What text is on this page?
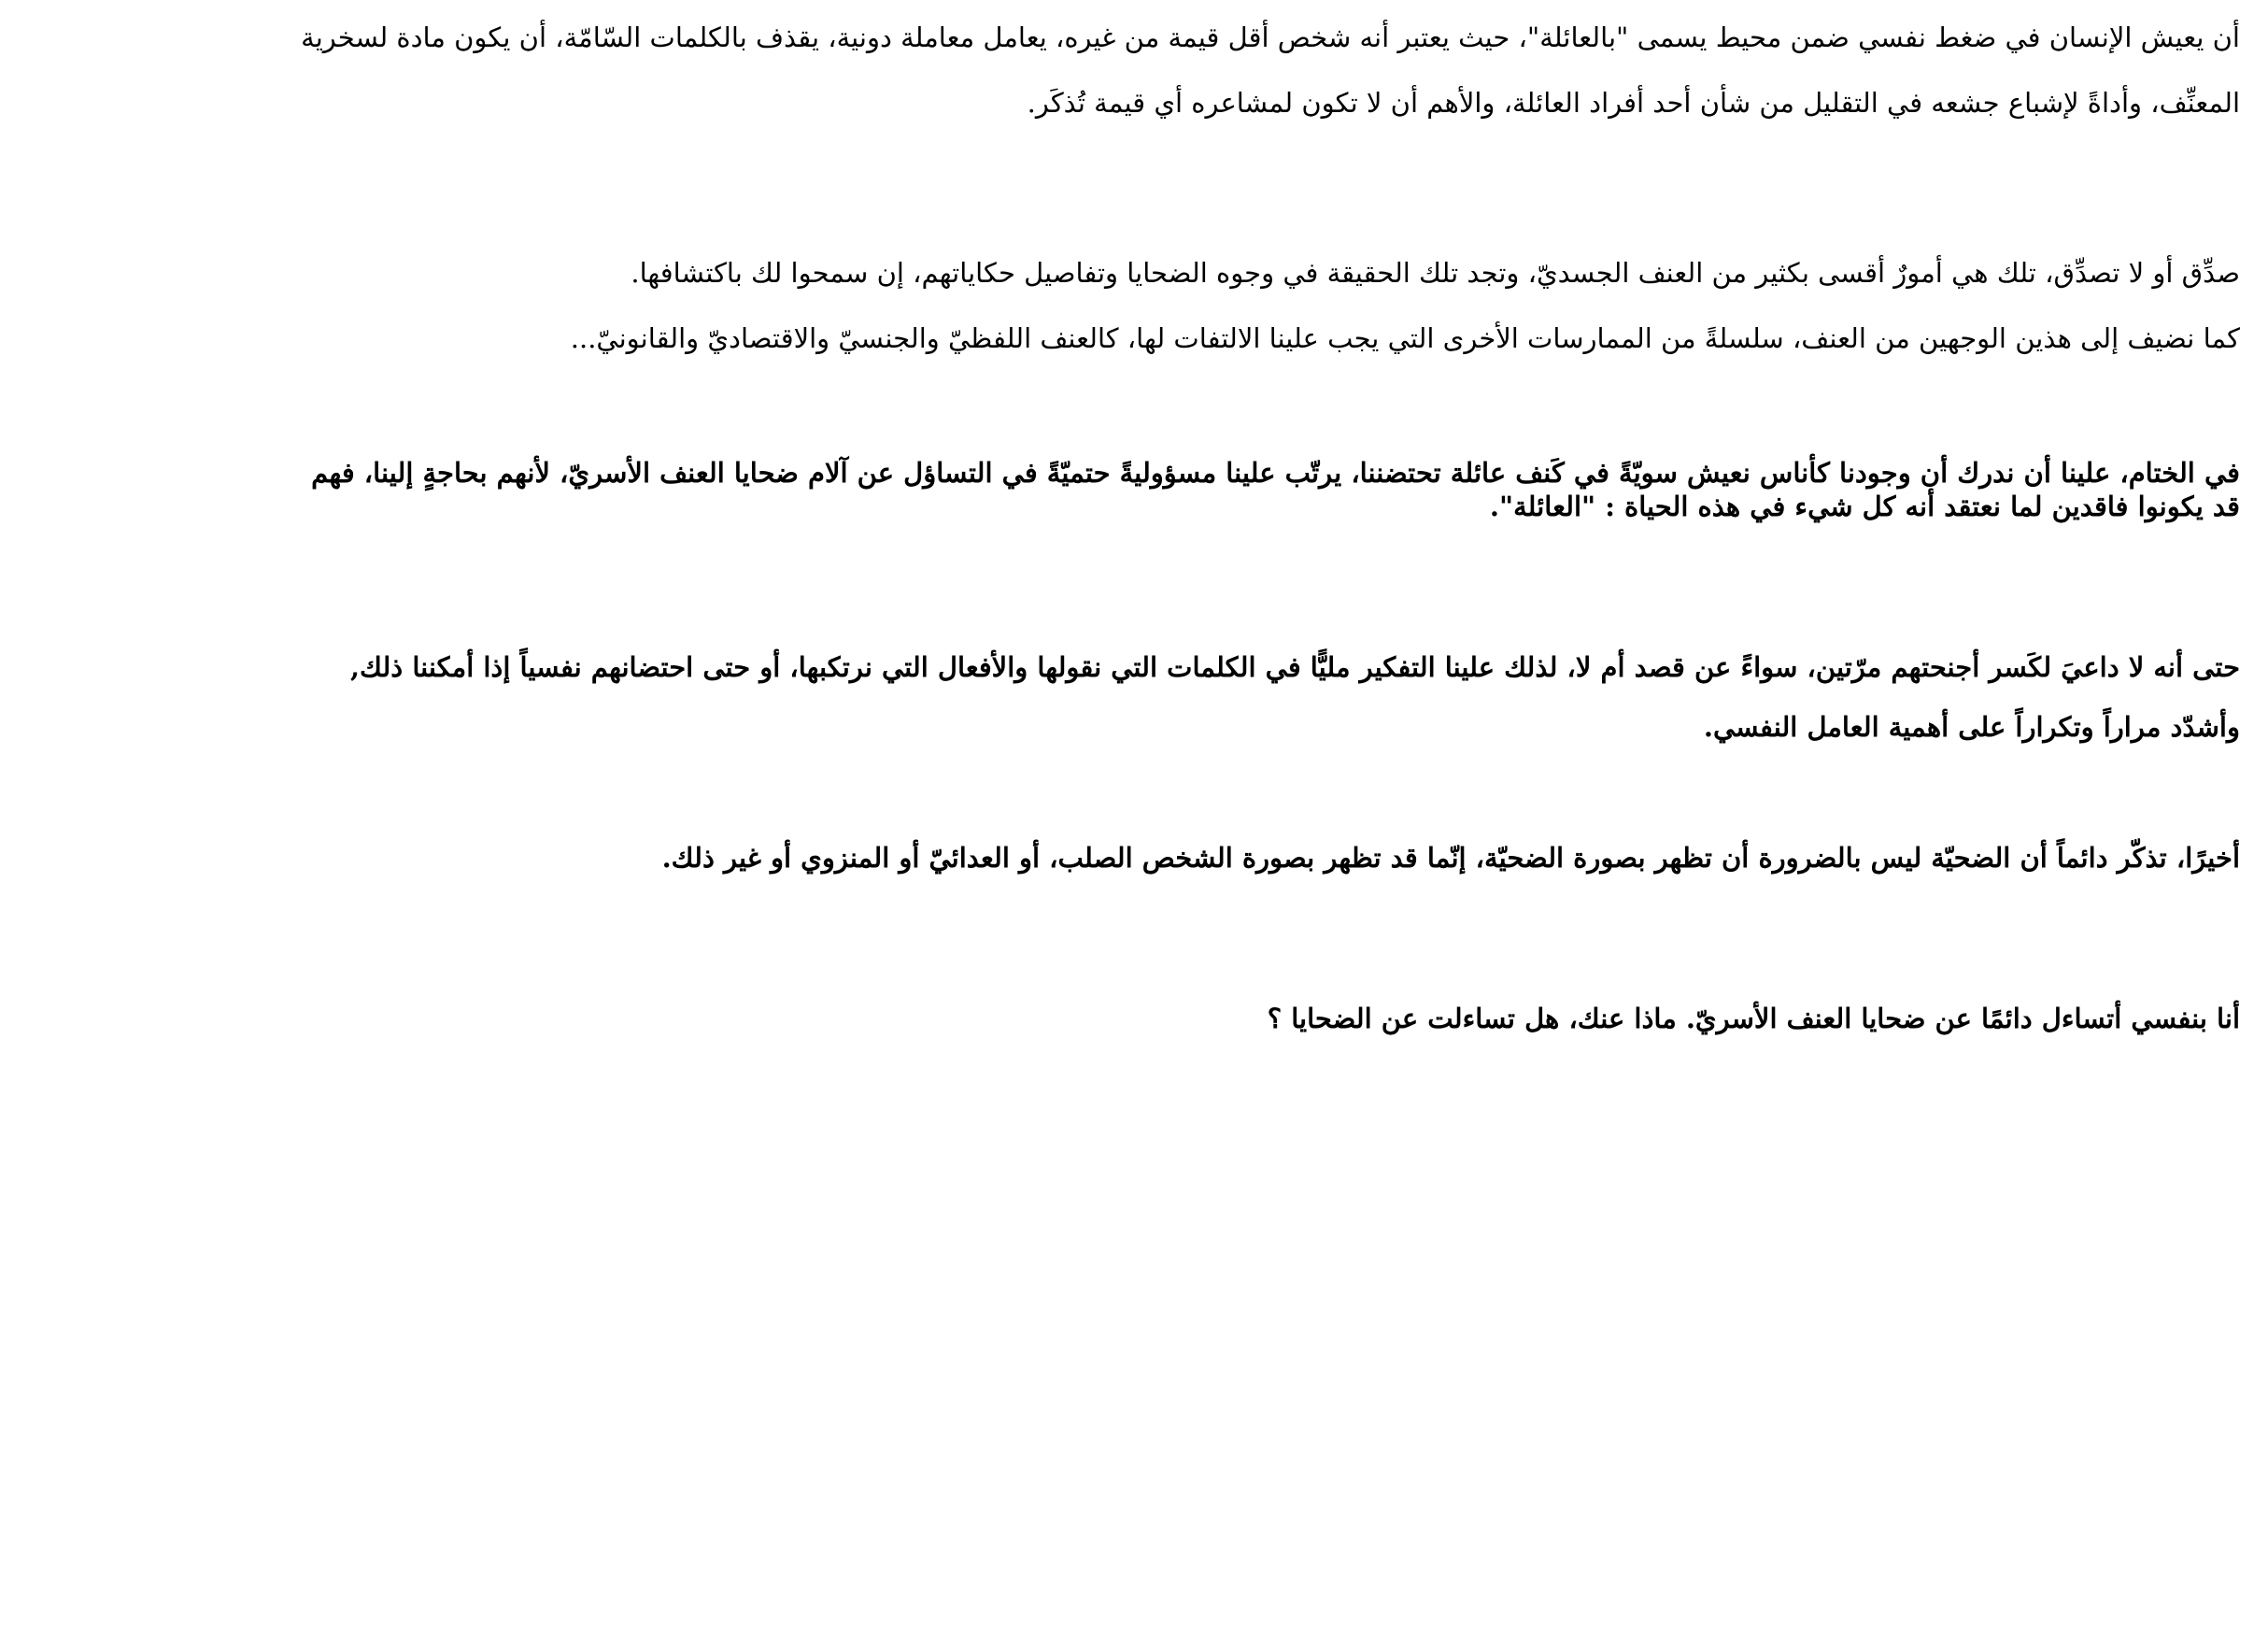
أن يعيش الإنسان في ضغط نفسي ضمن محيط يسمى "بالعائلة"، حيث يعتبر أنه شخص أقل قيمة من غيره، يعامل معاملة دونية، يقذف بالكلمات السّامّة، أن يكون مادة لسخرية
المعنِّف، وأداةً لإشباع جشعه في التقليل من شأن أحد أفراد العائلة، والأهم أن لا تكون لمشاعره أي قيمة تُذكَر.
صدِّق أو لا تصدِّق، تلك هي أمورٌ أقسى بكثير من العنف الجسديّ، وتجد تلك الحقيقة في وجوه الضحايا وتفاصيل حكاياتهم، إن سمحوا لك باكتشافها.
كما نضيف إلى هذين الوجهين من العنف، سلسلةً من الممارسات الأخرى التي يجب علينا الالتفات لها، كالعنف اللفظيّ والجنسيّ والاقتصاديّ والقانونيّ...
في الختام، علينا أن ندرك أن وجودنا كأناس نعيش سويّةً في كَنف عائلة تحتضننا، يرتّب علينا مسؤوليةً حتميّةً في التساؤل عن آلام ضحايا العنف الأسريّ، لأنهم بحاجةٍ إلينا، فهم
قد يكونوا فاقدين لما نعتقد أنه كل شيء في هذه الحياة : "العائلة".
حتى أنه لا داعيَ لكَسر أجنحتهم مرّتين، سواءً عن قصد أم لا، لذلك علينا التفكير مليًّا في الكلمات التي نقولها والأفعال التي نرتكبها، أو حتى احتضانهم نفسياً إذا أمكننا ذلك,
وأشدّد مراراً وتكراراً على أهمية العامل النفسي.
أخيرًا، تذكّر دائماً أن الضحيّة ليس بالضرورة أن تظهر بصورة الضحيّة، إنّما قد تظهر بصورة الشخص الصلب، أو العدائيّ أو المنزوي أو غير ذلك.
أنا بنفسي أتساءل دائمًا عن ضحايا العنف الأسريّ. ماذا عنك، هل تساءلت عن الضحايا ؟
